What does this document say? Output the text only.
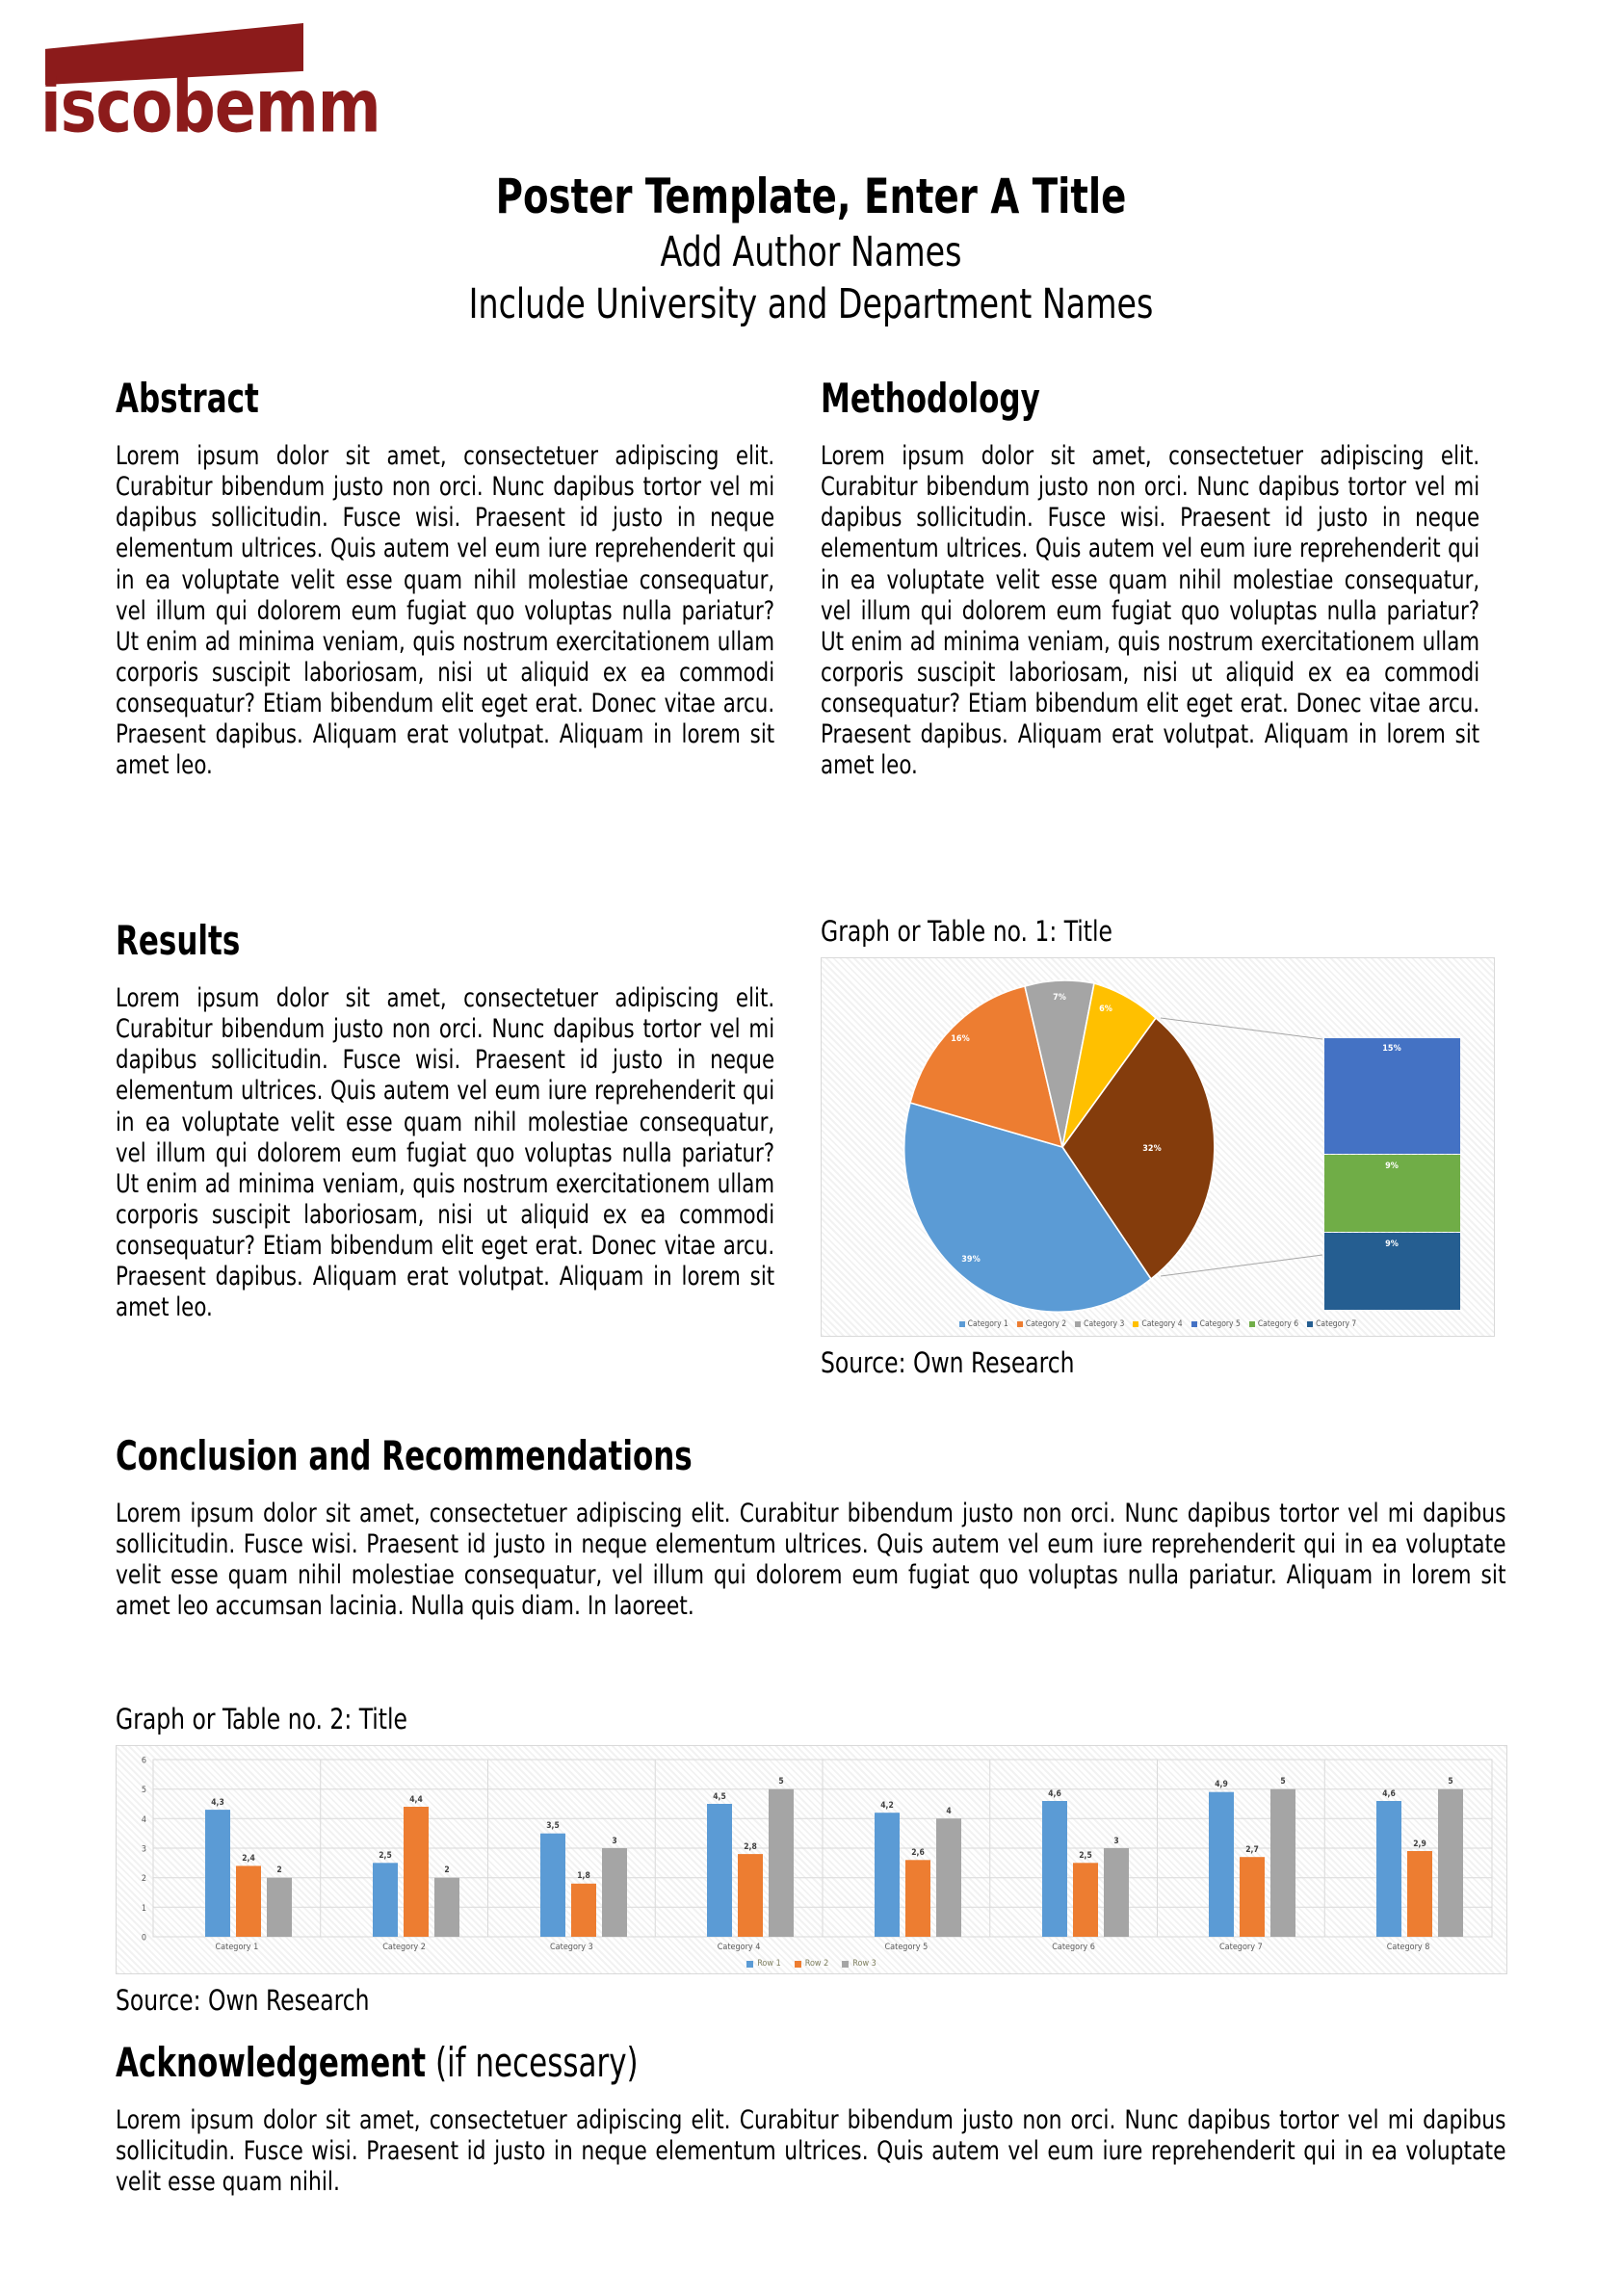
iscobemm
Poster Template, Enter A Title
Add Author Names
Include University and Department Names
Abstract

Lorem ipsum dolor sit amet, consectetuer adipiscing elit. Curabitur bibendum justo non orci. Nunc dapibus tortor vel mi dapibus sollicitudin. Fusce wisi. Praesent id justo in neque elementum ultrices. Quis autem vel eum iure reprehenderit qui in ea voluptate velit esse quam nihil molestiae consequatur, vel illum qui dolorem eum fugiat quo voluptas nulla pariatur? Ut enim ad minima veniam, quis nostrum exercitationem ullam corporis suscipit laboriosam, nisi ut aliquid ex ea commodi consequatur? Etiam bibendum elit eget erat. Donec vitae arcu. Praesent dapibus. Aliquam erat volutpat. Aliquam in lorem sit amet leo.

Methodology

Lorem ipsum dolor sit amet, consectetuer adipiscing elit. Curabitur bibendum justo non orci. Nunc dapibus tortor vel mi dapibus sollicitudin. Fusce wisi. Praesent id justo in neque elementum ultrices. Quis autem vel eum iure reprehenderit qui in ea voluptate velit esse quam nihil molestiae consequatur, vel illum qui dolorem eum fugiat quo voluptas nulla pariatur? Ut enim ad minima veniam, quis nostrum exercitationem ullam corporis suscipit laboriosam, nisi ut aliquid ex ea commodi consequatur? Etiam bibendum elit eget erat. Donec vitae arcu. Praesent dapibus. Aliquam erat volutpat. Aliquam in lorem sit amet leo.

Results

Lorem ipsum dolor sit amet, consectetuer adipiscing elit. Curabitur bibendum justo non orci. Nunc dapibus tortor vel mi dapibus sollicitudin. Fusce wisi. Praesent id justo in neque elementum ultrices. Quis autem vel eum iure reprehenderit qui in ea voluptate velit esse quam nihil molestiae consequatur, vel illum qui dolorem eum fugiat quo voluptas nulla pariatur? Ut enim ad minima veniam, quis nostrum exercitationem ullam corporis suscipit laboriosam, nisi ut aliquid ex ea commodi consequatur? Etiam bibendum elit eget erat. Donec vitae arcu. Praesent dapibus. Aliquam erat volutpat. Aliquam in lorem sit amet leo.

Graph or Table no. 1: Title
39%
16%
7%
6%
32%
15%
9%
9%
Category 1 Category 2 Category 3 Category 4 Category 5 Category 6 Category 7
Source: Own Research
Conclusion and Recommendations

Lorem ipsum dolor sit amet, consectetuer adipiscing elit. Curabitur bibendum justo non orci. Nunc dapibus tortor vel mi dapibus sollicitudin. Fusce wisi. Praesent id justo in neque elementum ultrices. Quis autem vel eum iure reprehenderit qui in ea voluptate velit esse quam nihil molestiae consequatur, vel illum qui dolorem eum fugiat quo voluptas nulla pariatur. Aliquam in lorem sit amet leo accumsan lacinia. Nulla quis diam. In laoreet.

Graph or Table no. 2: Title
6
5
4
3
2
1
0
4,3
2,4
2
2,5
4,4
2
3,5
1,8
3
4,5
2,8
5
4,2
2,6
4
4,6
2,5
3
4,9
2,7
5
4,6
2,9
5
Category 1	Category 2	Category 3	Category 4	Category 5	Category 6	Category 7	Category 8
Row 1	Row 2	Row 3
Source: Own Research
Acknowledgement (if necessary)

Lorem ipsum dolor sit amet, consectetuer adipiscing elit. Curabitur bibendum justo non orci. Nunc dapibus tortor vel mi dapibus sollicitudin. Fusce wisi. Praesent id justo in neque elementum ultrices. Quis autem vel eum iure reprehenderit qui in ea voluptate velit esse quam nihil.
